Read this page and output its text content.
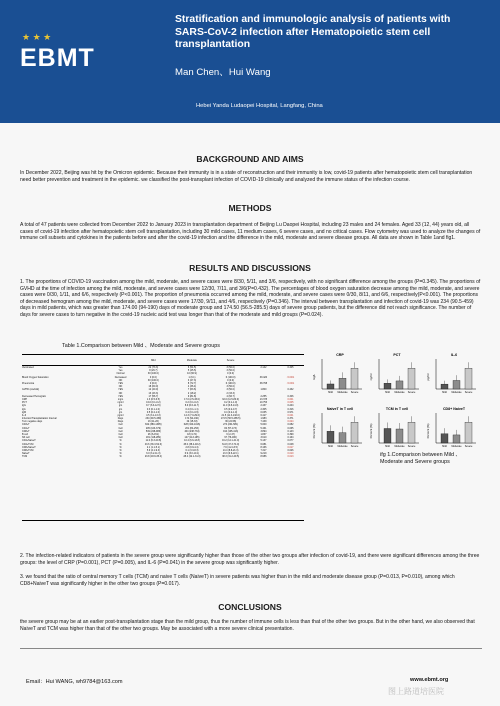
★ ★ ★
EBMT
Stratification and immunologic analysis of patients with SARS-CoV-2 infection after Hematopoietic stem cell transplantation
Man Chen、Hui Wang
Hebei Yanda Ludaopei Hospital, Langfang, China
BACKGROUND AND AIMS
In December 2022, Beijing was hit by the Omicron epidemic. Because their immunity is in a state of reconstruction and their immunity is low, covid-19 patients after hematopoietic stem cell transplantation need better prevention and treatment in the epidemic. we classified the post-transplant infection of COVID-19 clinically and analyzed the immune status of the infection course.
METHODS
A total of 47 patients were collected from December 2022 to January 2023 in transplantation department of Beijing Lu Daopei Hospital, including 23 males and 24 females. Aged 33 (12, 44) years old, all cases of covid-19 infection after hematopoietic stem cell transplantation, including 30 mild cases, 11 medium cases, 6 severe cases, and no critical cases. Flow cytometry was used to analyze the changes of immune cell subsets and cytokines in the patients before and after the covid-19 infection and the difference in the mild, moderate and severe disease groups. All data are shown in Table 1and fig1.
RESULTS AND DISCUSSIONS
1. The proportions of COVID-19 vaccination among the mild, moderate, and severe cases were 8/30, 5/11, and 3/6, respectively, with no significant difference among the groups (P=0.345). The proportions of GVHD at the time of infection among the mild, moderate, and severe cases were 12/30, 7/11, and 3/6(P=0.432). The percentages of blood oxygen saturation decrease among the mild, moderate, and severe cases were 0/30, 1/11, and 6/6, respectively (P<0.001). The proportion of pneumonia occurred among the mild, moderate, and severe cases were 0/30, 8/11, and 6/6, respectively(P<0.001). The proportions of decreased hemogram among the mild, moderate, and severe cases were 17/30, 9/11, and 4/6, respectively (P=0.346). The interval between transplantation and infection of covid-19 was 234 (90.5-459) days in mild patients, which was greater than 174.00 (94-190) days of moderate group and 174.50 (56.5-285.5) days of severe group patients, but the difference did not reach significance. The number of days for severe cases to turn negative in the covid-19 nucleic acid test was longer than that of the moderate and mild groups (P=0.024).
Table 1.Comparison between Mild 、Moderate and Severe groups
Mild	Moderate	Severe
Vaccinated	Yes	22 (73.3)	6 (54.5)	3 (50.0)	2.142	0.345
Yes	8 (26.7)	5 (45.5)	3 (50.0)
Normal	30 (100.0)	10 (90.9)	0 (0.0)
Blood Oxygen Saturation	Decreased	0 (0.0)	1 (9.1)	6 (100.0)	39.420	<0.001
NO	30 (100.0)	3 (27.3)	0 (0.0)
Pneumonia	YES	0 (0.0)	8 (72.7)	6 (100.0)	38.768	<0.001
NO	18 (60.0)	4 (36.4)	3 (50.0)
GVHD (onefold)	YES	12 (40.0)	7 (63.6)	3 (50.0)	1.800	0.432
NO	13 (43.3)	2 (18.2)	2 (33.3)
Decreased Hemogram	YES	17 (56.7)	9 (81.8)	4 (66.7)	2.255	0.346
CRP	mg/L	1.3 (0.5-6.5)	17.0 (2.5-33.0)	32.0 (11.5-80.0)	13.725	0.001
PCT	ng/ml	0.10 (0.1-0.2)	0.2 (0.1-0.2)	0.2 (0.1-1.0)	10.753	0.005
IgG	g/L	9.7 (6.3-12.5)	8.9 (6.6-11.7)	11.0 (6.8-14.0)	2.437	0.244
IgA	g/L	0.3 (0.1-1.0)	0.4 (0.1-1.1)	0.5 (0.2-0.7)	2.305	0.316
IgM	g/L	0.5 (0.2-1.0)	0.4 (0.1-0.9)	0.4 (0.2-1.0)	0.035	0.971
IL-6	pg/ml	4.5 (3.1-13.3)	14.3 (7.0-29.6)	21.5 (11.3-132.0)	6.417	0.041
Infection/Transplantation Interval	Days	234 (90.5-459)	174 (94-190)	174.5 (56.5-285.5)	1.983	0.371
Turn negative days	Days	16 (11-26)	19 (15-33)	36 (24-58)	7.439	0.024
CD3+T	Cell	842 (380-1395)	628 (340-1016)	274 (201-581)	5.000	0.082
CD4+T	Cell	205 (103-379)	201 (84-253)	84 (57-173)	5.461	0.065
CD8+T	Cell	549 (228-986)	404 (238-734)	194 (105-413)	3.894	0.143
B cell	Cell	26 (6-151)	18 (3-72)	6 (2-47)	1.837	0.399
NK cell	Cell	181 (118-289)	147 (113-195)	97 (76-180)	3.610	0.164
CD4+NaiveT	%	11.0 (6.3-20.8)	10.4 (6.6-13.8)	16.2 (14.1-41.0)	5.137	0.077
CD4+TCM	%	43.6 (36.3-52.6)	45.0 (38.4-48.2)	61.8 (47.3-74.0)	6.081	0.048
CD8+NaiveT	%	2.1 (1.1-5.1)	2.8 (0.9-4.4)	7.6 (4.2-13.5)	8.166	0.017
CD8+TCM	%	5.9 (4.1-9.3)	6.1 (3.3-8.3)	14.4 (8.8-21.3)	7.317	0.026
NaiveT	%	6.0 (3.2-11.3)	6.9 (3.0-10.1)	13.3 (9.6-22.1)	9.219	0.010
TCM	%	23.8 (18.9-35.4)	28.4 (22.1-31.0)	38.3 (31.2-49.5)	8.686	0.013
CRP
mg/L
Mild Moderate Severe
PCT
ng/ml
Mild Moderate Severe
IL-6
pg/ml
Mild Moderate Severe
NaiveT in T cell
Percent (%)
Mild Moderate Severe
TCM in T cell
Percent (%)
Mild Moderate Severe
CD8+ NaiveT
Percent (%)
Mild Moderate Severe
ifg 1.Comparison between Mild 、Moderate and Severe groups
2. The infection-related indicators of patients in the severe group were significantly higher than those of the other two groups after infection of covid-19, and there were significant differences among the three groups: the level of CRP (P=0.001), PCT (P=0.005), and IL-6 (P=0.041) in the severe group was significantly higher.
3. we found that the ratio of central memory T cells (TCM) and naive T cells (NaiveT) in severe patients was higher than in the mild and moderate disease group (P=0.013, P=0.010), among which CD8+NaiveT was significantly higher in the other two groups (P=0.017).
CONCLUSIONS
the severe group may be at an earlier post-transplantation stage than the mild group, thus the number of immune cells is less than that of the other two groups. But in the other hand, we also observed that NaiveT and TCM was higher than that of the other two groups. May be associated with a more severe clinical presentation.
Email：Hui WANG, wh9784@163.com	www.ebmt.org
图上路道培医院
